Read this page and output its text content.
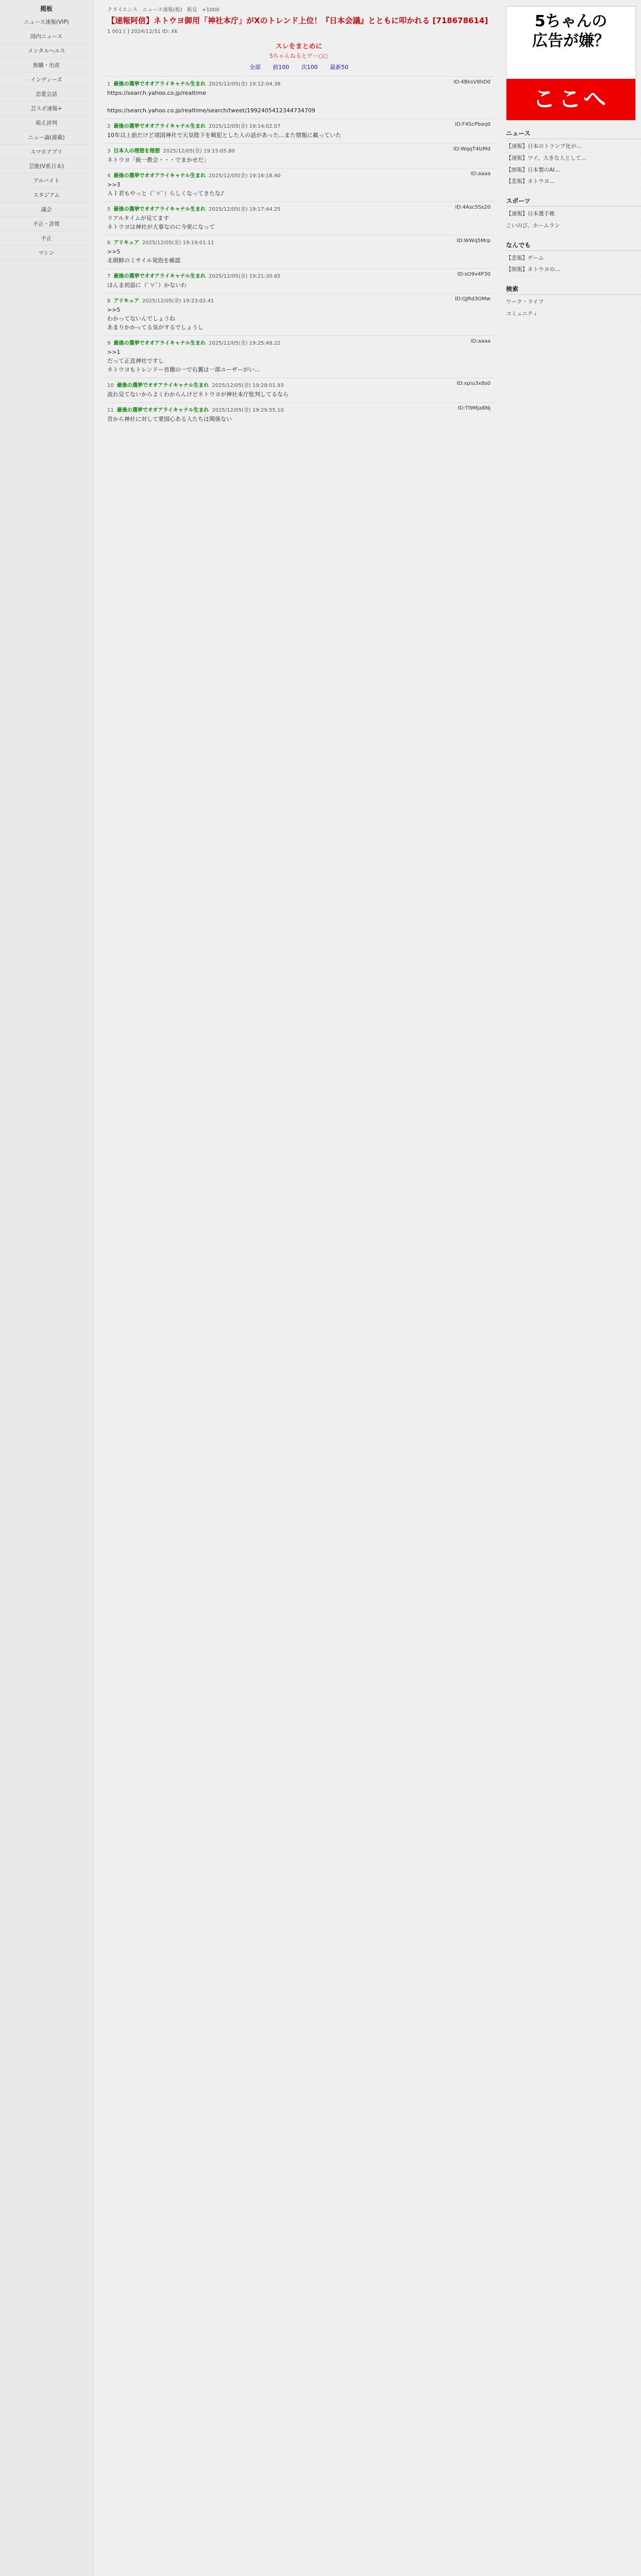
掲板
ニュース速報(VIP)
国内ニュース
メンタルヘルス
無職・出産
インディーズ
恋愛会話
芸スポ速報+
萌え評判
ニュー論(連載)
スマホアプリ
芸能(V系日本)
アルバイト
スタジアム
議会
不正・詐欺
不正
マシン
クライエンス ニュース速報(板) 板見 +1000
【速報阿倍】ネトウヨ御用「神社本庁」がXのトレンド上位！『日本会議』とともに叩かれる [718678614]
1 001 [ ] 2024/12/31 ID: Xk
スレをまとめに
5ちゃんねるとゲー○○
全部 前100 次100 最新50
1 最後の選挙でオオアライキャナル生まれ 2025/12/05(金) 19:12:04.38	ID:4BksV8hD0
https://search.yahoo.co.jp/realtime

https://search.yahoo.co.jp/realtime/search/tweet/1992405412344734709
2 最後の選挙でオオアライキャナル生まれ 2025/12/05(金) 19:14:02.07	ID:F4ScPbaq0
10年以上前だけど靖国神社で天皇陛下を戦犯とした人の話があった…また情報に載っていた
3 日本人の理想を理想 2025/12/05(金) 19:15:05.80	ID:WqqT4lzMd
ネトウヨ「統一教会・・・でまかせだ」
4 最後の選挙でオオアライキャナル生まれ 2025/12/05(金) 19:16:18.40	ID:aaaa
>>3
ＡＩ君もやっと（ﾟ∀ﾟ）らしくなってきたな♪
5 最後の選挙でオオアライキャナル生まれ 2025/12/05(金) 19:17:44.25	ID:4Asc5Ss20
リアルタイムが見てます
ネトウヨは神社が大事なのに今更になって
6 アリキュア 2025/12/05(金) 19:19:01.11	ID:WWq5Mrp
>>5
北朝鮮のミサイル発泡を確認
7 最後の選挙でオオアライキャナル生まれ 2025/12/05(金) 19:21:30.65	ID:sO9v4P30
ほんま初詣に（ﾟ∀ﾟ）かないわ
8 アリキュア 2025/12/05(金) 19:23:02.41	ID:QJRd3OMw
>>5
わかってないんでしょうね
あまりかかってる気がするでしょうし
9 最後の選挙でオオアライキャナル生まれ 2025/12/05(金) 19:25:48.22	ID:aaaa
>>1
だって正直神社ですし
ネトウヨもトレンドー首題の一で右翼は一部ユーザーがい...
10 最後の選挙でオオアライキャナル生まれ 2025/12/05(金) 19:28:01.93	ID:xpiu3x8s0
流れ見てないからよくわからんけどネトウヨが神社本庁批判してるなら
11 最後の選挙でオオアライキャナル生まれ 2025/12/05(金) 19:29:55.10	ID:Tl9Mja8Nj
昔から神社に対して愛国心ある人たちは関係ない
5ちゃんの
広告が嫌？
ここへ
ニュース
【速報】日本のトランプ化が…
【速報】ワイ、大きな人として…
【朗報】日本製のAI…
【悲報】ネトウヨ…
スポーツ
【速報】日本選手権
こいのび、ホームラン
なんでも
【悲報】ゲーム
【朗報】ネトウヨの…
検索
ワーク・ライフ
コミュニティ
